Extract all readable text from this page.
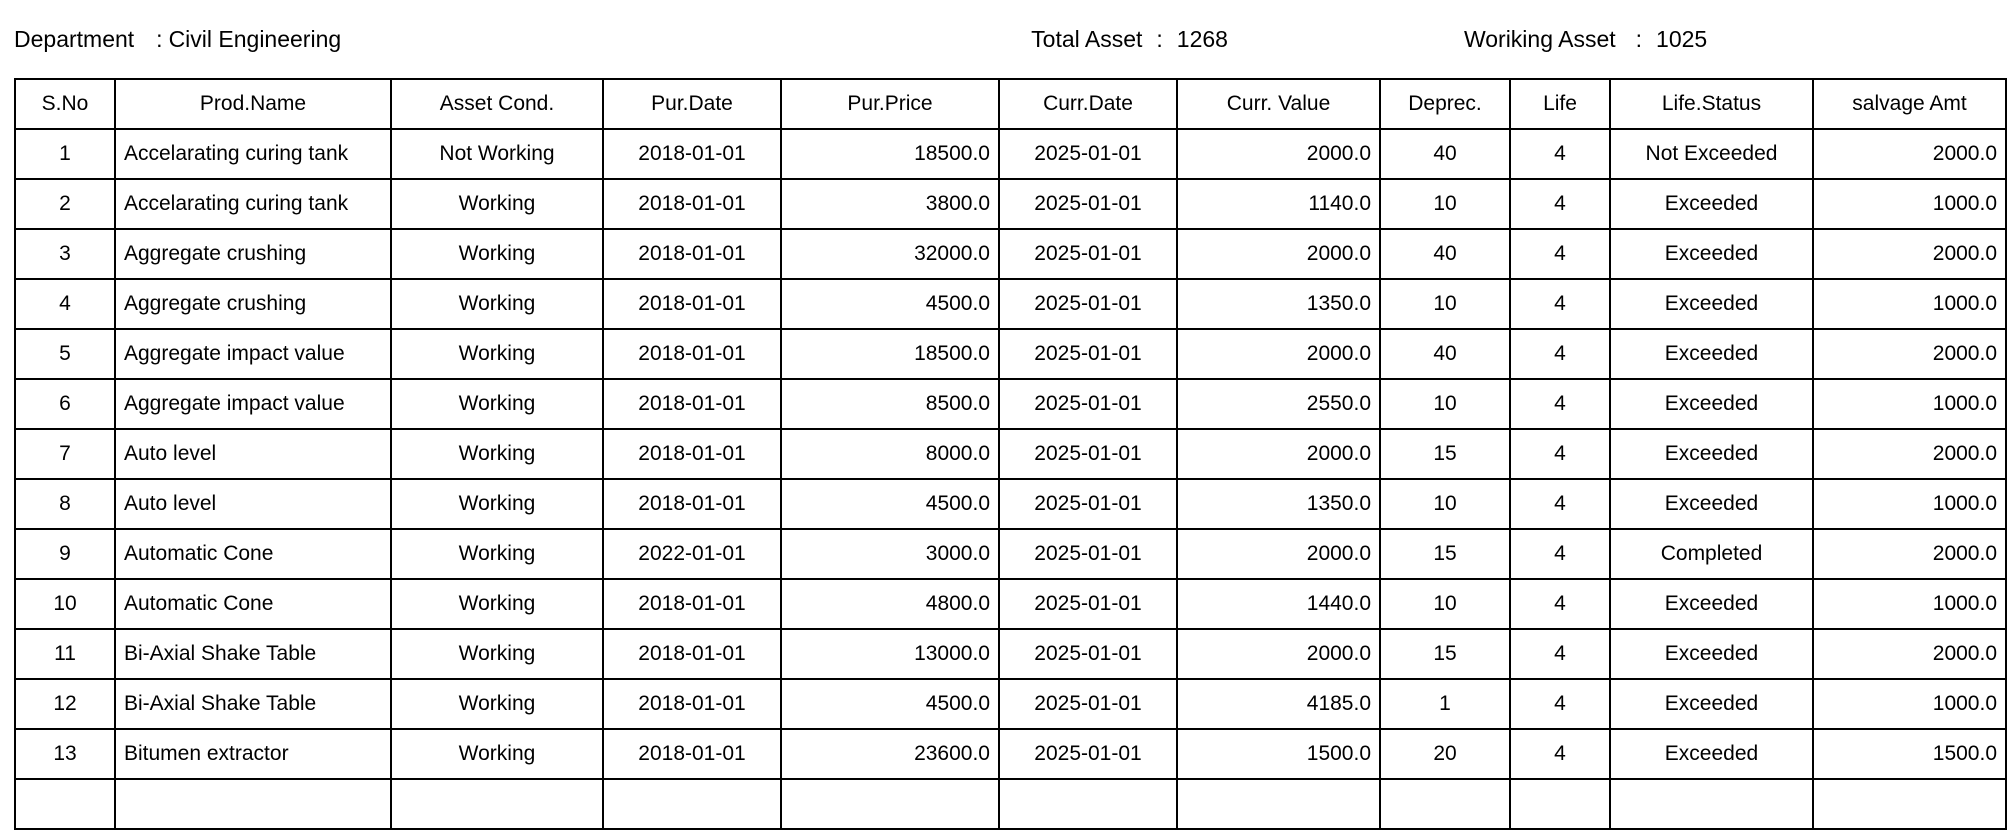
Department : Civil Engineering	Total Asset : 1268	Woriking Asset : 1025
S.No	Prod.Name	Asset Cond.	Pur.Date	Pur.Price	Curr.Date	Curr. Value	Deprec.	Life	Life.Status	salvage Amt
1	Accelarating curing tank	Not Working	2018-01-01	18500.0	2025-01-01	2000.0	40	4	Not Exceeded	2000.0
2	Accelarating curing tank	Working	2018-01-01	3800.0	2025-01-01	1140.0	10	4	Exceeded	1000.0
3	Aggregate crushing	Working	2018-01-01	32000.0	2025-01-01	2000.0	40	4	Exceeded	2000.0
4	Aggregate crushing	Working	2018-01-01	4500.0	2025-01-01	1350.0	10	4	Exceeded	1000.0
5	Aggregate impact value	Working	2018-01-01	18500.0	2025-01-01	2000.0	40	4	Exceeded	2000.0
6	Aggregate impact value	Working	2018-01-01	8500.0	2025-01-01	2550.0	10	4	Exceeded	1000.0
7	Auto level	Working	2018-01-01	8000.0	2025-01-01	2000.0	15	4	Exceeded	2000.0
8	Auto level	Working	2018-01-01	4500.0	2025-01-01	1350.0	10	4	Exceeded	1000.0
9	Automatic Cone	Working	2022-01-01	3000.0	2025-01-01	2000.0	15	4	Completed	2000.0
10	Automatic Cone	Working	2018-01-01	4800.0	2025-01-01	1440.0	10	4	Exceeded	1000.0
11	Bi-Axial Shake Table	Working	2018-01-01	13000.0	2025-01-01	2000.0	15	4	Exceeded	2000.0
12	Bi-Axial Shake Table	Working	2018-01-01	4500.0	2025-01-01	4185.0	1	4	Exceeded	1000.0
13	Bitumen extractor	Working	2018-01-01	23600.0	2025-01-01	1500.0	20	4	Exceeded	1500.0
